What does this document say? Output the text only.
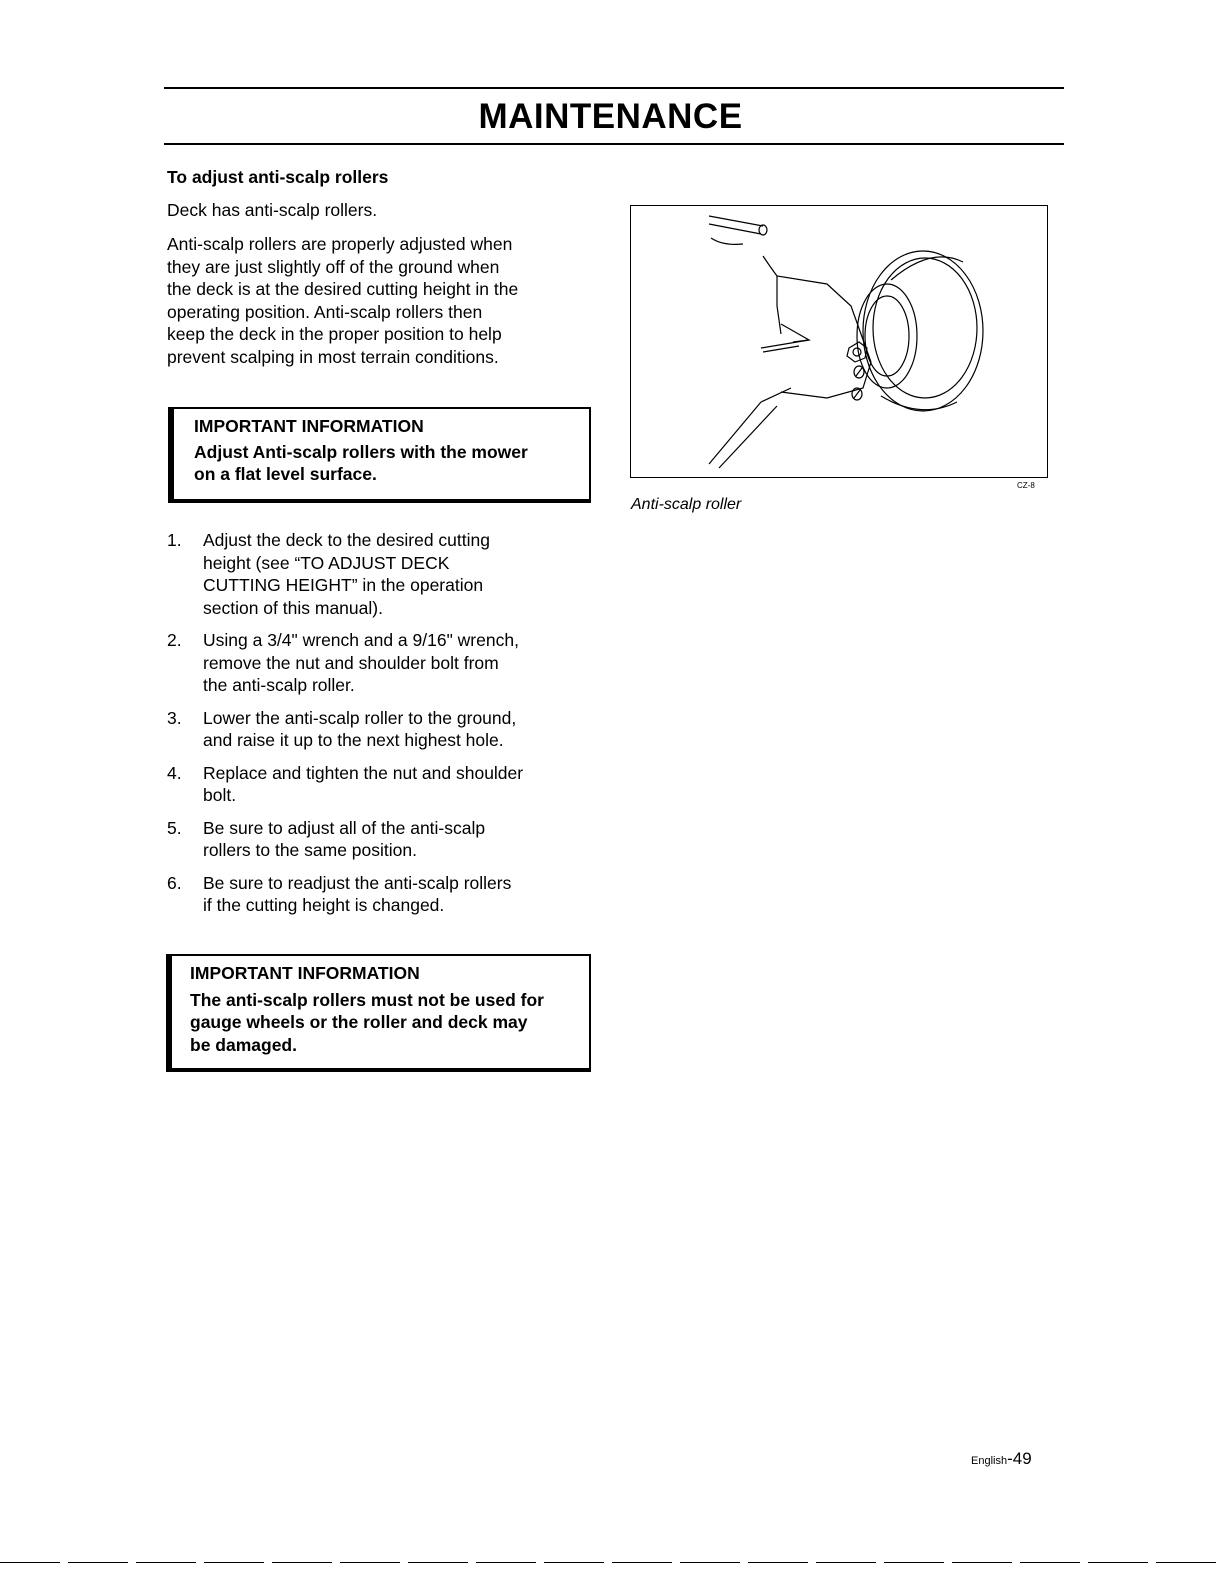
MAINTENANCE
To adjust anti-scalp rollers

Deck has anti-scalp rollers.

Anti-scalp rollers are properly adjusted when
they are just slightly off of the ground when
the deck is at the desired cutting height in the
operating position. Anti-scalp rollers then
keep the deck in the proper position to help
prevent scalping in most terrain conditions.

IMPORTANT INFORMATION
Adjust Anti-scalp rollers with the mower
on a flat level surface.
1. Adjust the deck to the desired cutting
height (see “TO ADJUST DECK
CUTTING HEIGHT” in the operation
section of this manual).
2. Using a 3/4" wrench and a 9/16" wrench,
remove the nut and shoulder bolt from
the anti-scalp roller.
3. Lower the anti-scalp roller to the ground,
and raise it up to the next highest hole.
4. Replace and tighten the nut and shoulder
bolt.
5. Be sure to adjust all of the anti-scalp
rollers to the same position.
6. Be sure to readjust the anti-scalp rollers
if the cutting height is changed.
IMPORTANT INFORMATION
The anti-scalp rollers must not be used for
gauge wheels or the roller and deck may
be damaged.
CZ-8
Anti-scalp roller
English-49
